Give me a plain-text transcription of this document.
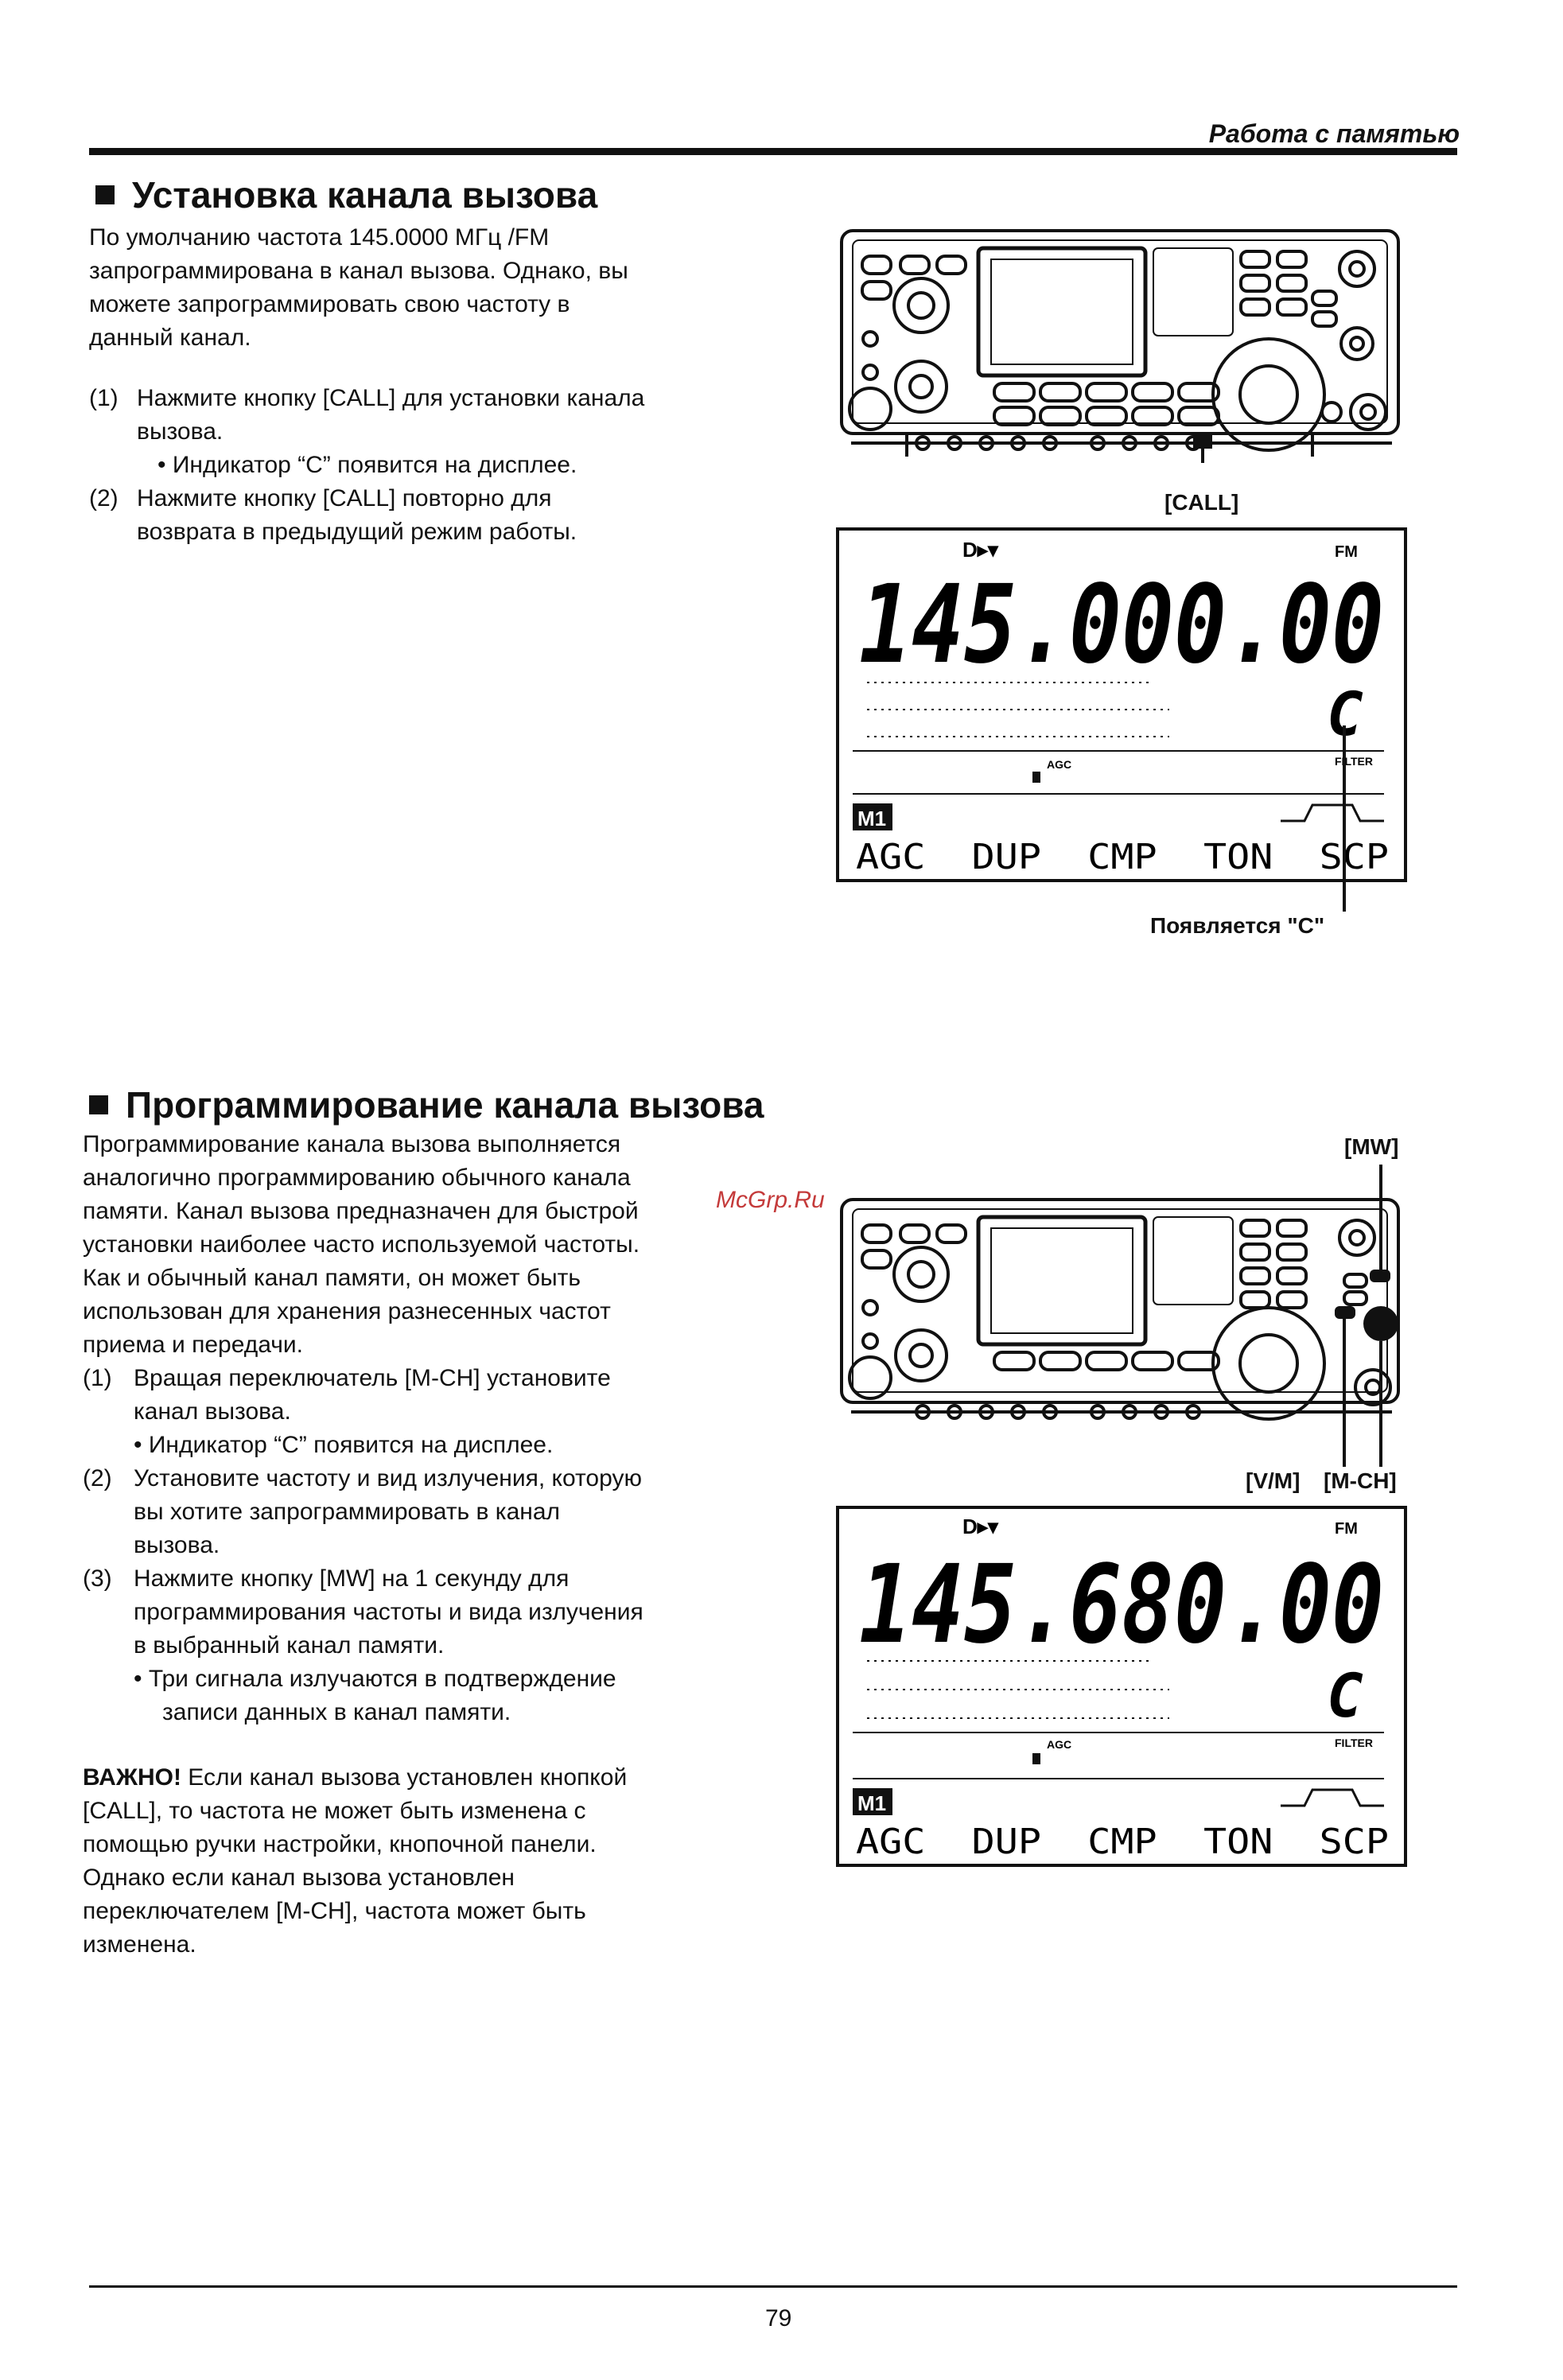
Работа с памятью
Установка канала вызова

По умолчанию частота 145.0000 МГц /FM

запрограммирована в канал вызова. Однако, вы

можете запрограммировать свою частоту в

данный канал.

(1) Нажмите кнопку [CALL] для установки канала
вызова.
• Индикатор “C” появится на дисплее.
(2) Нажмите кнопку [CALL] повторно для
возврата в предыдущий режим работы.
[CALL]
D▸▾	FM
145.000.00
FILTER
AGC
C
M1
AGC  DUP  CMP  TON  SCP
Появляется "C"
Программирование канала вызова

Программирование канала вызова выполняется

аналогично программированию обычного канала

памяти. Канал вызова предназначен для быстрой

установки наиболее часто используемой частоты.

Как и обычный канал памяти, он может быть

использован для хранения разнесенных частот

приема и передачи.

(1) Вращая переключатель [M-CH] установите
канал вызова.
• Индикатор “C” появится на дисплее.
(2) Установите частоту и вид излучения, которую
вы хотите запрограммировать в канал
вызова.
(3) Нажмите кнопку [MW] на 1 секунду для
программирования частоты и вида излучения
в выбранный канал памяти.
• Три сигнала излучаются в подтверждение
записи данных в канал памяти.

ВАЖНО! Если канал вызова установлен кнопкой

[CALL], то частота не может быть изменена с

помощью ручки настройки, кнопочной панели.

Однако если канал вызова установлен

переключателем [M-CH], частота может быть

изменена.

[MW]
[V/M] [M-CH]
D▸▾	FM
145.680.00
FILTER
AGC
C
M1
AGC  DUP  CMP  TON  SCP
McGrp.Ru
79
